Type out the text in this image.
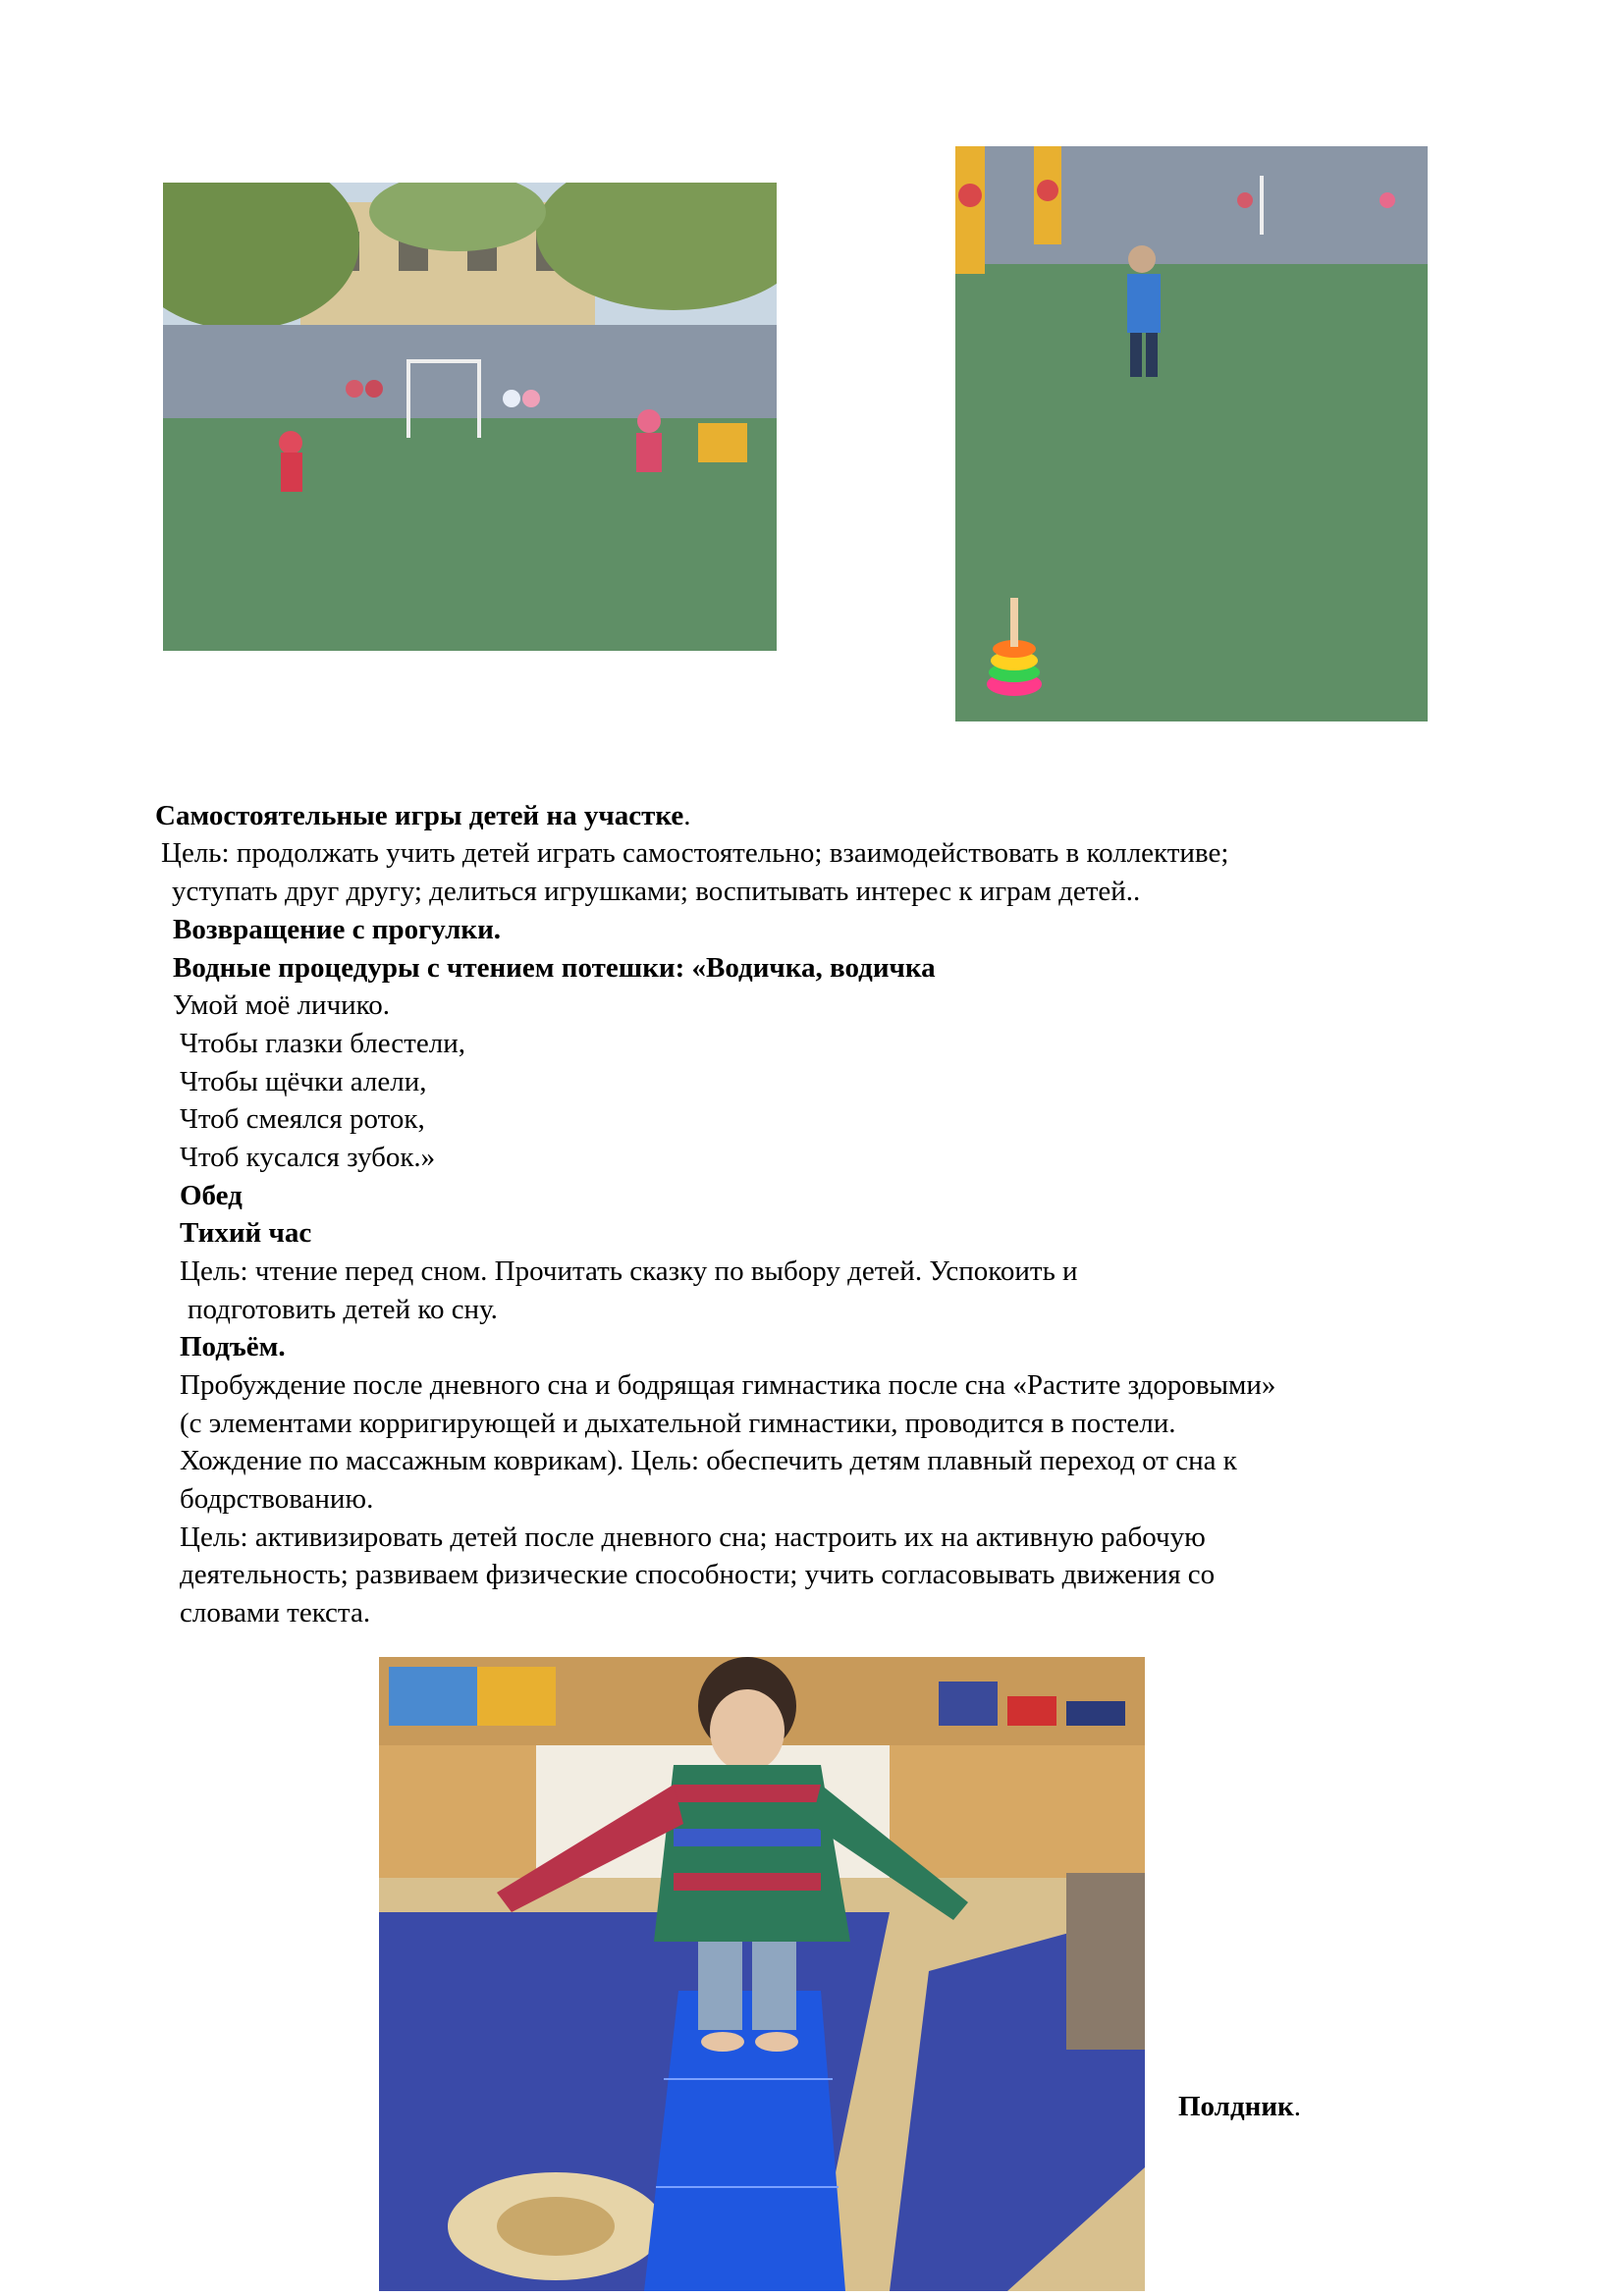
Самостоятельные игры детей на участке.
Цель: продолжать учить детей играть самостоятельно; взаимодействовать в коллективе;
уступать друг другу; делиться игрушками; воспитывать интерес к играм детей..
Возвращение с прогулки.
Водные процедуры с чтением потешки: «Водичка, водичка
Умой моё личико.
Чтобы глазки блестели,
Чтобы щёчки алели,
Чтоб смеялся роток,
Чтоб кусался зубок.»
Обед
Тихий час
Цель: чтение перед сном. Прочитать сказку по выбору детей. Успокоить и
подготовить детей ко сну.
Подъём.
Пробуждение после дневного сна и бодрящая гимнастика после сна «Растите здоровыми»
(с элементами корригирующей и дыхательной гимнастики, проводится в постели.
Хождение по массажным коврикам). Цель: обеспечить детям плавный переход от сна к
бодрствованию.
Цель: активизировать детей после дневного сна; настроить их на активную рабочую
деятельность; развиваем физические способности; учить согласовывать движения со
словами текста.
Полдник.
